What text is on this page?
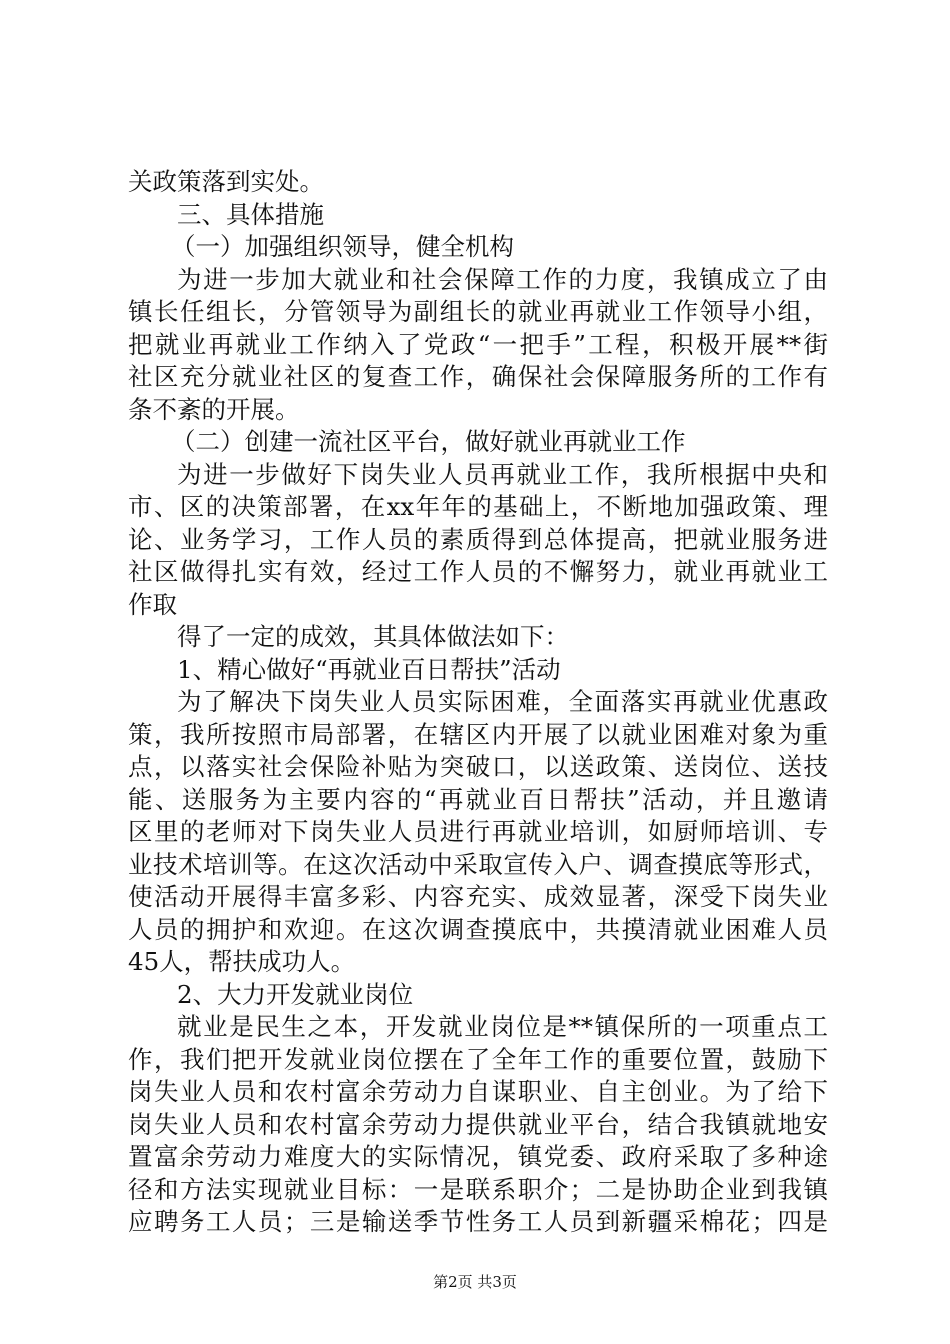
关政策落到实处。
三、具体措施
（一）加强组织领导，健全机构
为进一步加大就业和社会保障工作的力度，我镇成立了由
镇长任组长，分管领导为副组长的就业再就业工作领导小组，
把就业再就业工作纳入了党政“一把手”工程，积极开展**街
社区充分就业社区的复查工作，确保社会保障服务所的工作有
条不紊的开展。
（二）创建一流社区平台，做好就业再就业工作
为进一步做好下岗失业人员再就业工作，我所根据中央和
市、区的决策部署，在xx年年的基础上，不断地加强政策、理
论、业务学习，工作人员的素质得到总体提高，把就业服务进
社区做得扎实有效，经过工作人员的不懈努力，就业再就业工
作取
得了一定的成效，其具体做法如下：
1、精心做好“再就业百日帮扶”活动
为了解决下岗失业人员实际困难，全面落实再就业优惠政
策，我所按照市局部署，在辖区内开展了以就业困难对象为重
点，以落实社会保险补贴为突破口，以送政策、送岗位、送技
能、送服务为主要内容的“再就业百日帮扶”活动，并且邀请
区里的老师对下岗失业人员进行再就业培训，如厨师培训、专
业技术培训等。在这次活动中采取宣传入户、调查摸底等形式，
使活动开展得丰富多彩、内容充实、成效显著，深受下岗失业
人员的拥护和欢迎。在这次调查摸底中，共摸清就业困难人员
45人，帮扶成功人。
2、大力开发就业岗位
就业是民生之本，开发就业岗位是**镇保所的一项重点工
作，我们把开发就业岗位摆在了全年工作的重要位置，鼓励下
岗失业人员和农村富余劳动力自谋职业、自主创业。为了给下
岗失业人员和农村富余劳动力提供就业平台，结合我镇就地安
置富余劳动力难度大的实际情况，镇党委、政府采取了多种途
径和方法实现就业目标：一是联系职介；二是协助企业到我镇
应聘务工人员；三是输送季节性务工人员到新疆采棉花；四是
第2页 共3页
